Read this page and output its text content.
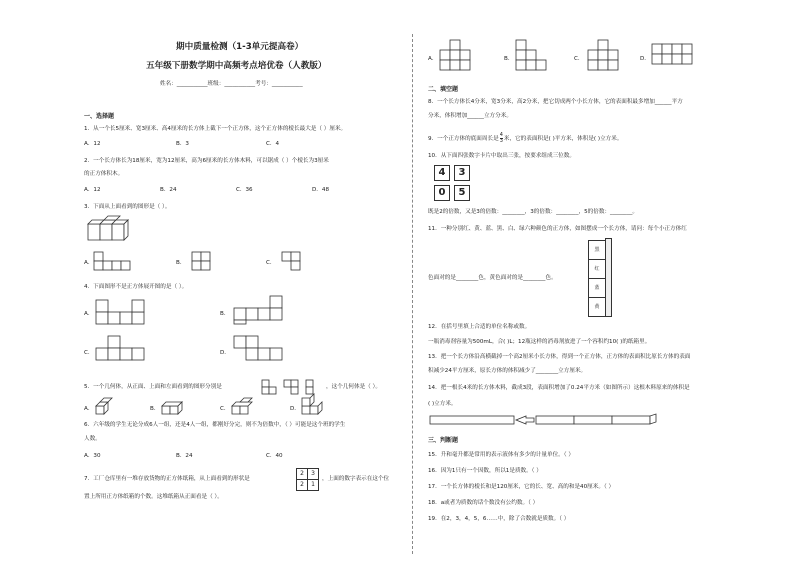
期中质量检测（1-3单元提高卷）
五年级下册数学期中高频考点培优卷（人教版）
姓名：___________班级：___________考号：___________
一、选择题
1．从一个长5厘米、宽3厘米、高4厘米的长方体上截下一个正方体，这个正方体的棱长最大是（ ）厘米。
A．12	B．3	C．4
2．一个长方体长为18厘米，宽为12厘米，高为6厘米的长方体木料，可以锯成（ ）个棱长为3厘米
的正方体积木。
A．12	B．24	C．36	D．48
3．下面从上面看到的图形是（ ）。
A．	B．	C．
4．下面图形不是正方体展开图的是（ ）。
A．	B．
C．	D．
5．一个几何体，从正面、上面和左面看到的图形分别是	，这个几何体是（ ）。
A．	B．	C．	D．
6．六年级的学生无论分成6人一组，还是4人一组，都刚好分完，则不为倍数中，（ ）可能是这个班的学生
人数。
A．30	B．24	C．40
7．工厂仓库里有一堆存放货物的正方体纸箱，从上面看到的形状是
2	3
2	1
，上面的数字表示在这个位
置上所用正方体纸箱的个数。这堆纸箱从正面看是（ ）。
A．	B．	C．	D．
二、填空题
8．一个长方体长4分米，宽3分米，高2分米，把它切成两个小长方体，它的表面积最多增加______平方
分米，体积增加______立方分米。
9．一个正方体的底面周长是 $\frac{4}{3}$ 米，它的表面积是( )平方米，体积是( )立方米。
10．从下面四张数字卡片中取出三张，按要求组成三位数。
4	3
0	5
既是2的倍数，又是3的倍数：________，3的倍数：________，5的倍数：________。
11．一种分别红、黄、蓝、黑、白、绿六种颜色的正方体，如图摆成一个长方体，请问：每个小正方体红
黑
红
蓝
黄
色面对的是________色，黄色面对的是________色。
12．在括号里填上合适的单位名称或数。
一瓶消毒剂容量为500mL，合( )L；12瓶这样的消毒剂放进了一个容积约10( )的纸箱里。
13．把一个长方体沿高横截掉一个高2厘米小长方体，得到一个正方体，正方体的表面积比原长方体的表面
积减少24平方厘米，原长方体的体积减少了________立方厘米。
14．把一根长4米的长方体木料，截成3段，表面积增加了0.24平方米（如图所示）这根木料原来的体积是
( )立方米。
三、判断题
15．升和毫升都是常用的表示液体有多少的计量单位。（ ）
16．因为1只有一个因数，所以1是质数。（ ）
17．一个长方体的棱长和是120厘米，它的长、宽、高的和是40厘米。（ ）
18．a或者为质数的话个数没有公约数。（ ）
19．在2，3，4，5，6……中，除了合数就是质数。（ ）
